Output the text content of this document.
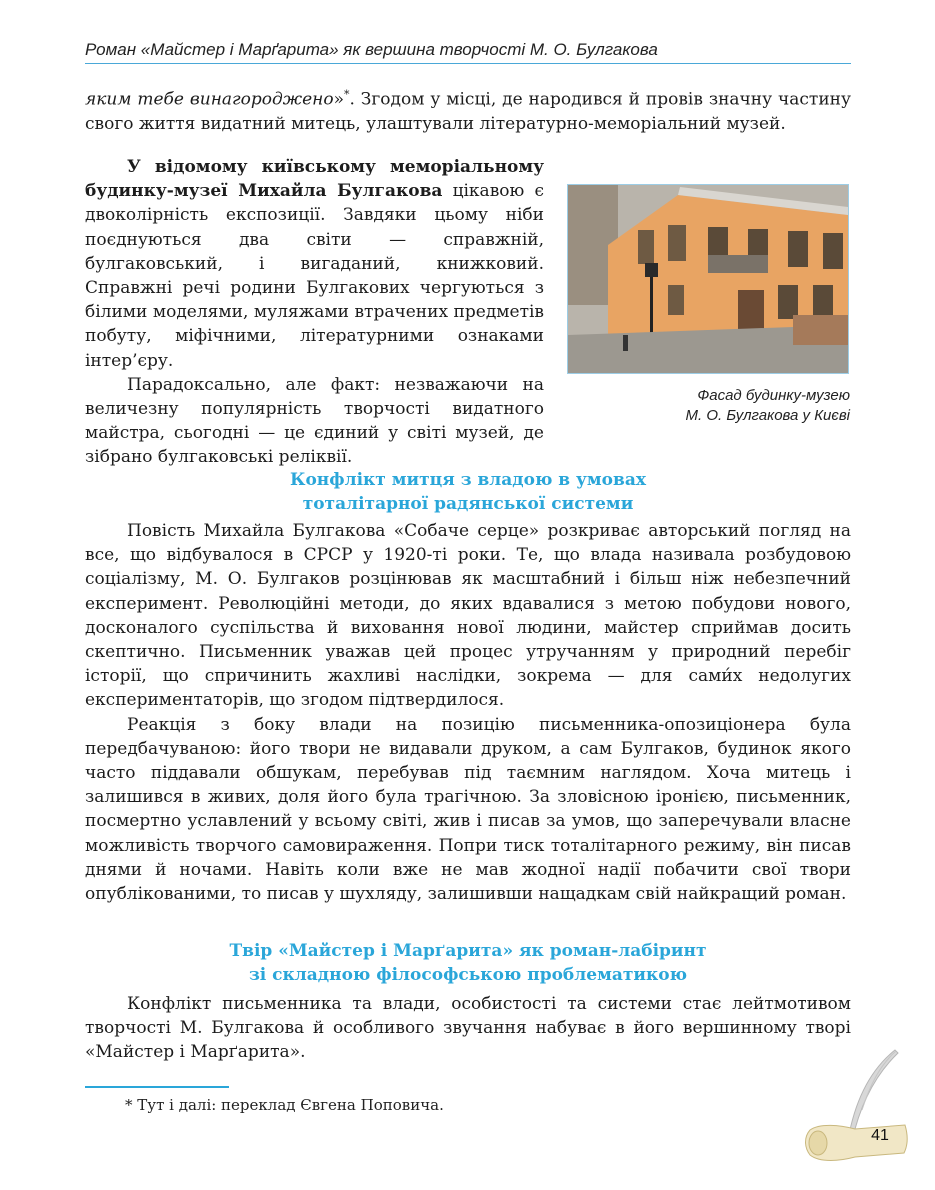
Роман «Майстер і Марґарита» як вершина творчості М. О. Булгакова

яким тебе винагороджено»*. Згодом у місці, де народився й провів значну частину свого життя видатний митець, улаштували літературно-меморіальний музей.

У відомому київському меморіальному будинку-музеї Михайла Булгакова цікавою є двоколірність експозиції. Завдяки цьому ніби поєднуються два світи — справжній, булгаковський, і вигаданий, книжковий. Справжні речі родини Булгакових чергуються з білими моделями, муляжами втрачених предметів побуту, міфічними, літературними ознаками інтер’єру.

Парадоксально, але факт: незважаючи на величезну популярність творчості видатного майстра, сьогодні — це єдиний у світі музей, де зібрано булгаковські реліквії.

Фасад будинку-музею
М. О. Булгакова у Києві
Конфлікт митця з владою в умовах
тоталітарної радянської системи

Повість Михайла Булгакова «Собаче серце» розкриває авторський погляд на все, що відбувалося в СРСР у 1920-ті роки. Те, що влада називала розбудовою соціалізму, М. О. Булгаков розцінював як масштабний і більш ніж небезпечний експеримент. Революційні методи, до яких вдавалися з метою побудови нового, досконалого суспільства й виховання нової людини, майстер сприймав досить скептично. Письменник уважав цей процес утручанням у природний перебіг історії, що спричинить жахливі наслідки, зокрема — для сами́х недолугих експериментаторів, що згодом підтвердилося.

Реакція з боку влади на позицію письменника-опозиціонера була передбачуваною: його твори не видавали друком, а сам Булгаков, будинок якого часто піддавали обшукам, перебував під таємним наглядом. Хоча митець і залишився в живих, доля його була трагічною. За зловісною іронією, письменник, посмертно уславлений у всьому світі, жив і писав за умов, що заперечували власне можливість творчого самовираження. Попри тиск тоталітарного режиму, він писав днями й ночами. Навіть коли вже не мав жодної надії побачити свої твори опублікованими, то писав у шухляду, залишивши нащадкам свій найкращий роман.

Твір «Майстер і Марґарита» як роман-лабіринт
зі складною філософською проблематикою

Конфлікт письменника та влади, особистості та системи стає лейтмотивом творчості М. Булгакова й особливого звучання набуває в його вершинному творі «Майстер і Марґарита».

* Тут і далі: переклад Євгена Поповича.
41
